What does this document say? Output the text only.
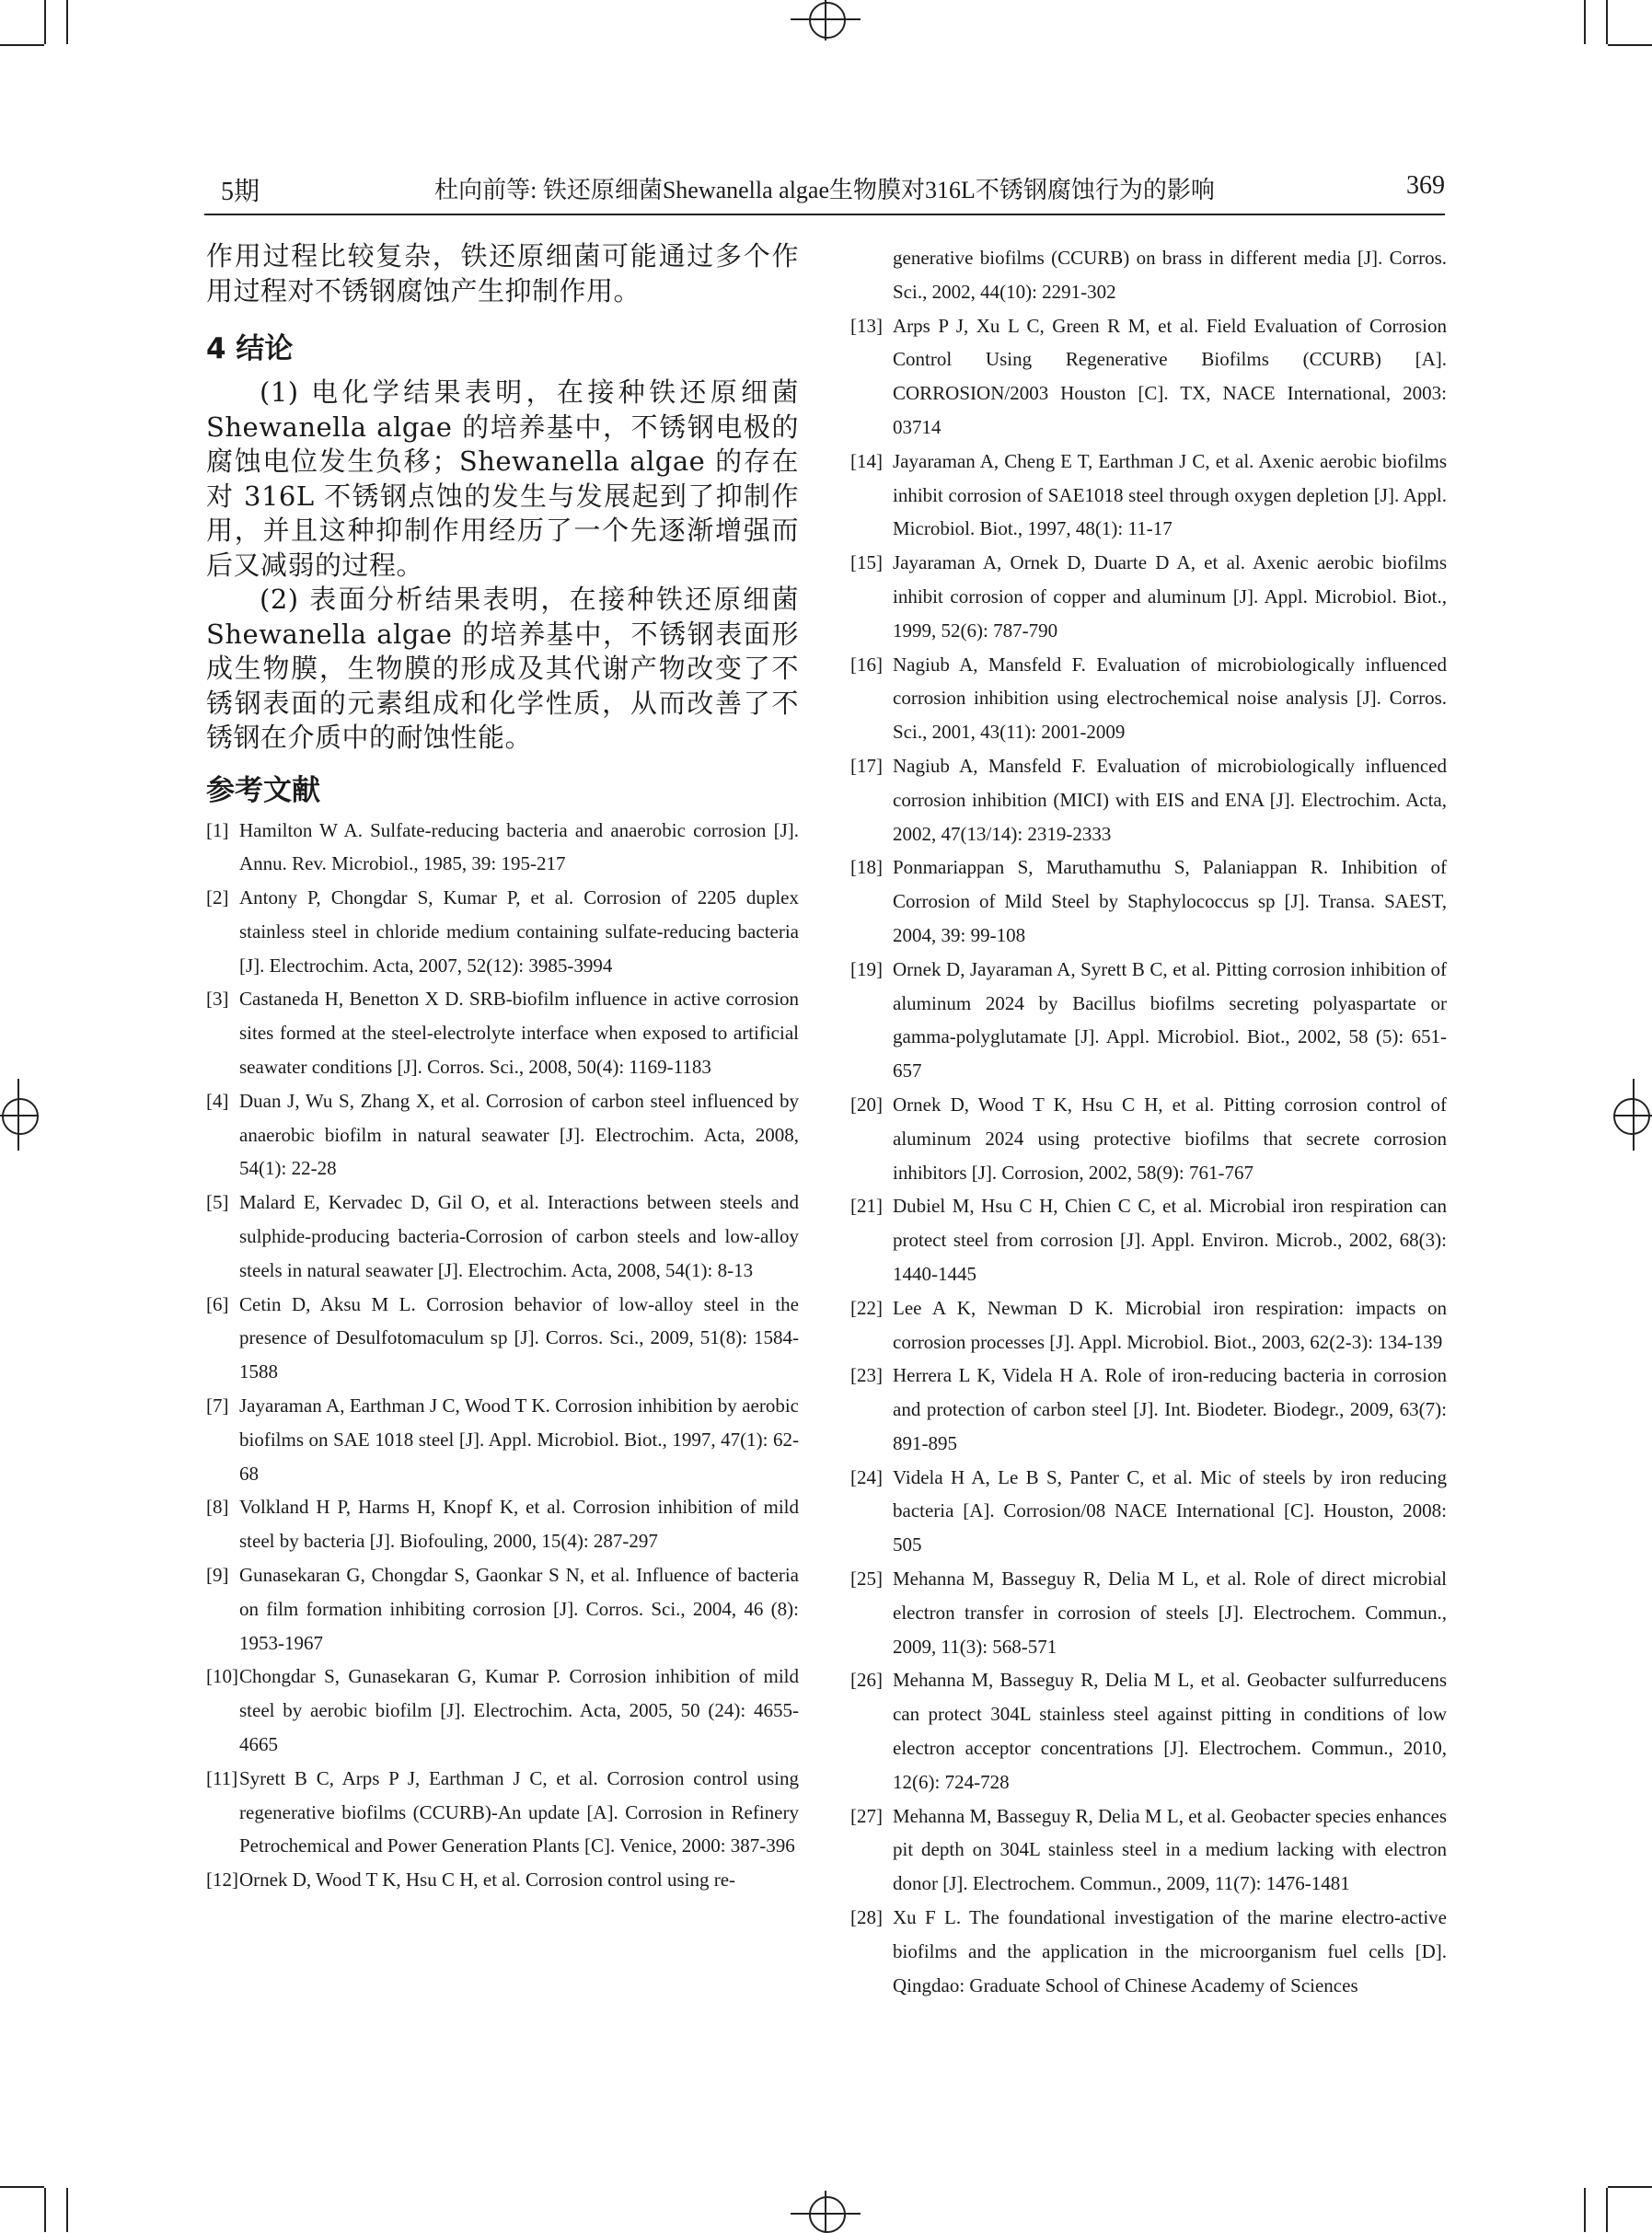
5期	杜向前等: 铁还原细菌Shewanella algae生物膜对316L不锈钢腐蚀行为的影响	369

作用过程比较复杂，铁还原细菌可能通过多个作用过程对不锈钢腐蚀产生抑制作用。

4 结论

(1) 电化学结果表明，在接种铁还原细菌 Shewanella algae 的培养基中，不锈钢电极的腐蚀电位发生负移；Shewanella algae 的存在对 316L 不锈钢点蚀的发生与发展起到了抑制作用，并且这种抑制作用经历了一个先逐渐增强而后又减弱的过程。

(2) 表面分析结果表明，在接种铁还原细菌 Shewanella algae 的培养基中，不锈钢表面形成生物膜，生物膜的形成及其代谢产物改变了不锈钢表面的元素组成和化学性质，从而改善了不锈钢在介质中的耐蚀性能。

参考文献
[1] Hamilton W A. Sulfate-reducing bacteria and anaerobic corrosion [J]. Annu. Rev. Microbiol., 1985, 39: 195-217
[2] Antony P, Chongdar S, Kumar P, et al. Corrosion of 2205 duplex stainless steel in chloride medium containing sulfate-reducing bacteria [J]. Electrochim. Acta, 2007, 52(12): 3985-3994
[3] Castaneda H, Benetton X D. SRB-biofilm influence in active corrosion sites formed at the steel-electrolyte interface when exposed to artificial seawater conditions [J]. Corros. Sci., 2008, 50(4): 1169-1183
[4] Duan J, Wu S, Zhang X, et al. Corrosion of carbon steel influenced by anaerobic biofilm in natural seawater [J]. Electrochim. Acta, 2008, 54(1): 22-28
[5] Malard E, Kervadec D, Gil O, et al. Interactions between steels and sulphide-producing bacteria-Corrosion of carbon steels and low-alloy steels in natural seawater [J]. Electrochim. Acta, 2008, 54(1): 8-13
[6] Cetin D, Aksu M L. Corrosion behavior of low-alloy steel in the presence of Desulfotomaculum sp [J]. Corros. Sci., 2009, 51(8): 1584-1588
[7] Jayaraman A, Earthman J C, Wood T K. Corrosion inhibition by aerobic biofilms on SAE 1018 steel [J]. Appl. Microbiol. Biot., 1997, 47(1): 62-68
[8] Volkland H P, Harms H, Knopf K, et al. Corrosion inhibition of mild steel by bacteria [J]. Biofouling, 2000, 15(4): 287-297
[9] Gunasekaran G, Chongdar S, Gaonkar S N, et al. Influence of bacteria on film formation inhibiting corrosion [J]. Corros. Sci., 2004, 46 (8): 1953-1967
[10]Chongdar S, Gunasekaran G, Kumar P. Corrosion inhibition of mild steel by aerobic biofilm [J]. Electrochim. Acta, 2005, 50 (24): 4655-4665
[11]Syrett B C, Arps P J, Earthman J C, et al. Corrosion control using regenerative biofilms (CCURB)-An update [A]. Corrosion in Refinery Petrochemical and Power Generation Plants [C]. Venice, 2000: 387-396
[12]Ornek D, Wood T K, Hsu C H, et al. Corrosion control using re-
generative biofilms (CCURB) on brass in different media [J]. Corros. Sci., 2002, 44(10): 2291-302
[13] Arps P J, Xu L C, Green R M, et al. Field Evaluation of Corrosion Control Using Regenerative Biofilms (CCURB) [A]. CORROSION/2003 Houston [C]. TX, NACE International, 2003: 03714
[14] Jayaraman A, Cheng E T, Earthman J C, et al. Axenic aerobic biofilms inhibit corrosion of SAE1018 steel through oxygen depletion [J]. Appl. Microbiol. Biot., 1997, 48(1): 11-17
[15] Jayaraman A, Ornek D, Duarte D A, et al. Axenic aerobic biofilms inhibit corrosion of copper and aluminum [J]. Appl. Microbiol. Biot., 1999, 52(6): 787-790
[16] Nagiub A, Mansfeld F. Evaluation of microbiologically influenced corrosion inhibition using electrochemical noise analysis [J]. Corros. Sci., 2001, 43(11): 2001-2009
[17] Nagiub A, Mansfeld F. Evaluation of microbiologically influenced corrosion inhibition (MICI) with EIS and ENA [J]. Electrochim. Acta, 2002, 47(13/14): 2319-2333
[18] Ponmariappan S, Maruthamuthu S, Palaniappan R. Inhibition of Corrosion of Mild Steel by Staphylococcus sp [J]. Transa. SAEST, 2004, 39: 99-108
[19] Ornek D, Jayaraman A, Syrett B C, et al. Pitting corrosion inhibition of aluminum 2024 by Bacillus biofilms secreting polyaspartate or gamma-polyglutamate [J]. Appl. Microbiol. Biot., 2002, 58 (5): 651-657
[20] Ornek D, Wood T K, Hsu C H, et al. Pitting corrosion control of aluminum 2024 using protective biofilms that secrete corrosion inhibitors [J]. Corrosion, 2002, 58(9): 761-767
[21] Dubiel M, Hsu C H, Chien C C, et al. Microbial iron respiration can protect steel from corrosion [J]. Appl. Environ. Microb., 2002, 68(3): 1440-1445
[22] Lee A K, Newman D K. Microbial iron respiration: impacts on corrosion processes [J]. Appl. Microbiol. Biot., 2003, 62(2-3): 134-139
[23] Herrera L K, Videla H A. Role of iron-reducing bacteria in corrosion and protection of carbon steel [J]. Int. Biodeter. Biodegr., 2009, 63(7): 891-895
[24] Videla H A, Le B S, Panter C, et al. Mic of steels by iron reducing bacteria [A]. Corrosion/08 NACE International [C]. Houston, 2008: 505
[25] Mehanna M, Basseguy R, Delia M L, et al. Role of direct microbial electron transfer in corrosion of steels [J]. Electrochem. Commun., 2009, 11(3): 568-571
[26] Mehanna M, Basseguy R, Delia M L, et al. Geobacter sulfurreducens can protect 304L stainless steel against pitting in conditions of low electron acceptor concentrations [J]. Electrochem. Commun., 2010, 12(6): 724-728
[27] Mehanna M, Basseguy R, Delia M L, et al. Geobacter species enhances pit depth on 304L stainless steel in a medium lacking with electron donor [J]. Electrochem. Commun., 2009, 11(7): 1476-1481
[28] Xu F L. The foundational investigation of the marine electro-active biofilms and the application in the microorganism fuel cells [D]. Qingdao: Graduate School of Chinese Academy of Sciences
